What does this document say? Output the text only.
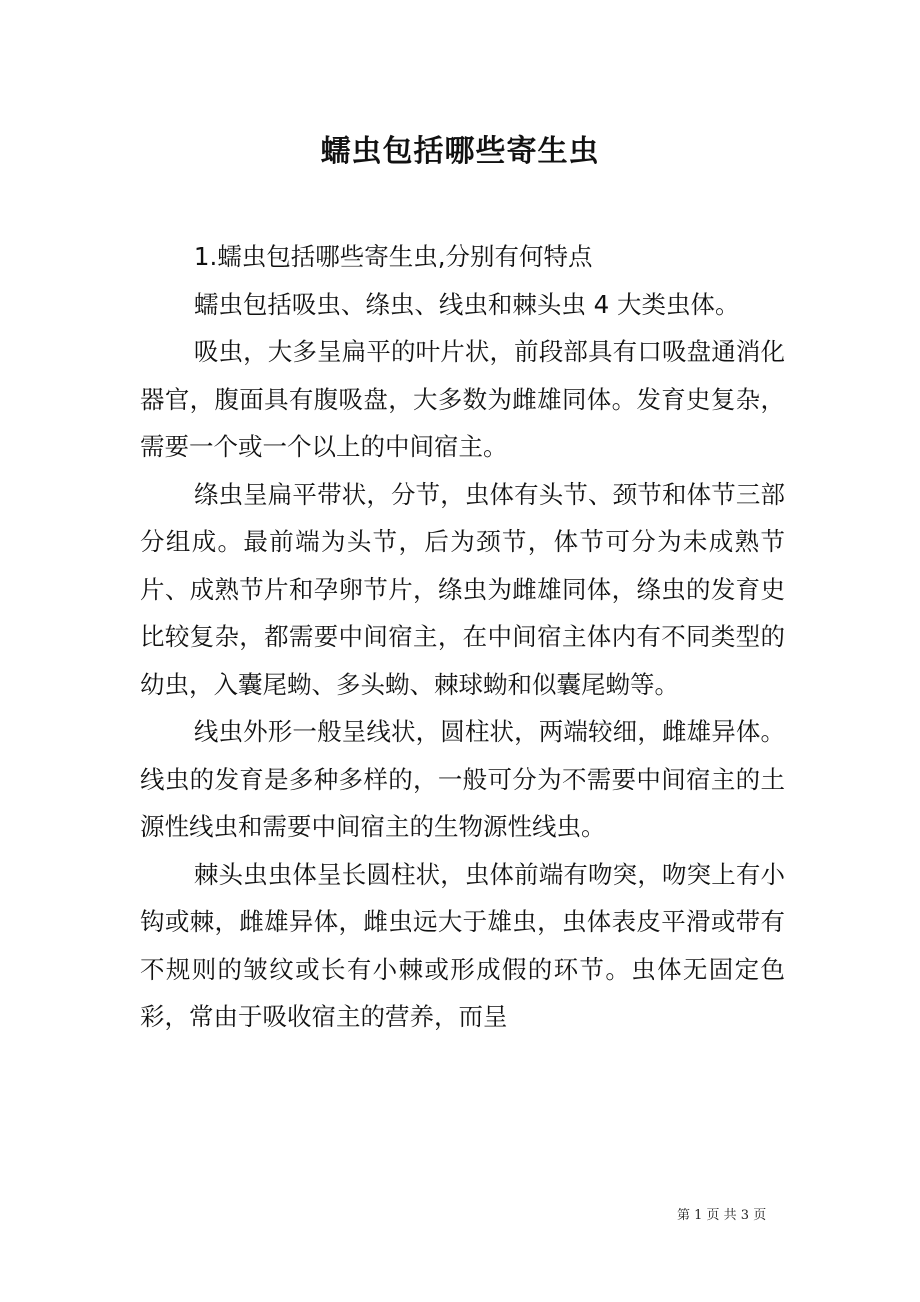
蠕虫包括哪些寄生虫

1.蠕虫包括哪些寄生虫,分别有何特点

蠕虫包括吸虫、绦虫、线虫和棘头虫 4 大类虫体。

吸虫，大多呈扁平的叶片状，前段部具有口吸盘通消化器官，腹面具有腹吸盘，大多数为雌雄同体。发育史复杂，需要一个或一个以上的中间宿主。

绦虫呈扁平带状，分节，虫体有头节、颈节和体节三部分组成。最前端为头节，后为颈节，体节可分为未成熟节片、成熟节片和孕卵节片，绦虫为雌雄同体，绦虫的发育史比较复杂，都需要中间宿主，在中间宿主体内有不同类型的幼虫，入囊尾蚴、多头蚴、棘球蚴和似囊尾蚴等。

线虫外形一般呈线状，圆柱状，两端较细，雌雄异体。线虫的发育是多种多样的，一般可分为不需要中间宿主的土源性线虫和需要中间宿主的生物源性线虫。

棘头虫虫体呈长圆柱状，虫体前端有吻突，吻突上有小钩或棘，雌雄异体，雌虫远大于雄虫，虫体表皮平滑或带有不规则的皱纹或长有小棘或形成假的环节。虫体无固定色彩，常由于吸收宿主的营养，而呈

第 1 页 共 3 页
